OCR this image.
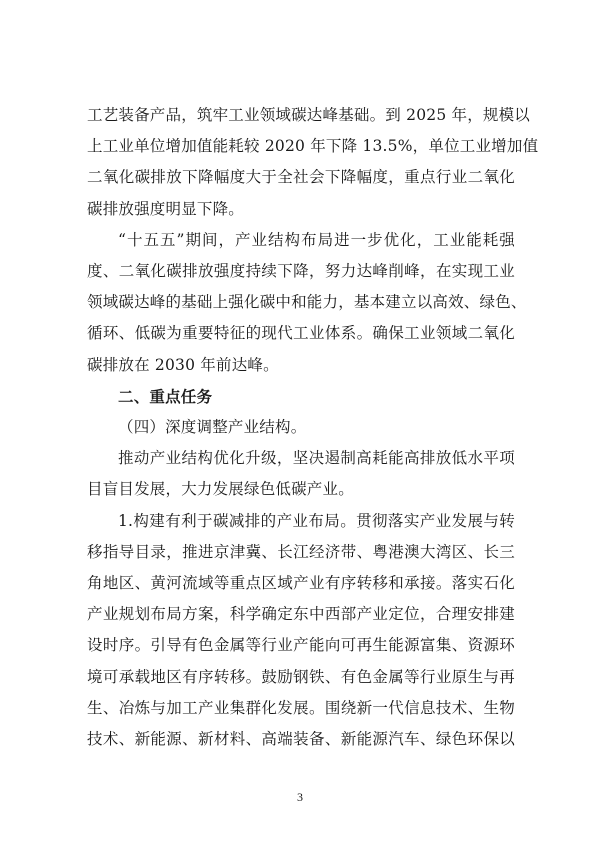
工艺装备产品，筑牢工业领域碳达峰基础。到 2025 年，规模以
上工业单位增加值能耗较 2020 年下降 13.5%，单位工业增加值
二氧化碳排放下降幅度大于全社会下降幅度，重点行业二氧化
碳排放强度明显下降。
“十五五”期间，产业结构布局进一步优化，工业能耗强
度、二氧化碳排放强度持续下降，努力达峰削峰，在实现工业
领域碳达峰的基础上强化碳中和能力，基本建立以高效、绿色、
循环、低碳为重要特征的现代工业体系。确保工业领域二氧化
碳排放在 2030 年前达峰。
二、重点任务
（四）深度调整产业结构。
推动产业结构优化升级，坚决遏制高耗能高排放低水平项
目盲目发展，大力发展绿色低碳产业。
1.构建有利于碳减排的产业布局。贯彻落实产业发展与转
移指导目录，推进京津冀、长江经济带、粤港澳大湾区、长三
角地区、黄河流域等重点区域产业有序转移和承接。落实石化
产业规划布局方案，科学确定东中西部产业定位，合理安排建
设时序。引导有色金属等行业产能向可再生能源富集、资源环
境可承载地区有序转移。鼓励钢铁、有色金属等行业原生与再
生、冶炼与加工产业集群化发展。围绕新一代信息技术、生物
技术、新能源、新材料、高端装备、新能源汽车、绿色环保以
3
